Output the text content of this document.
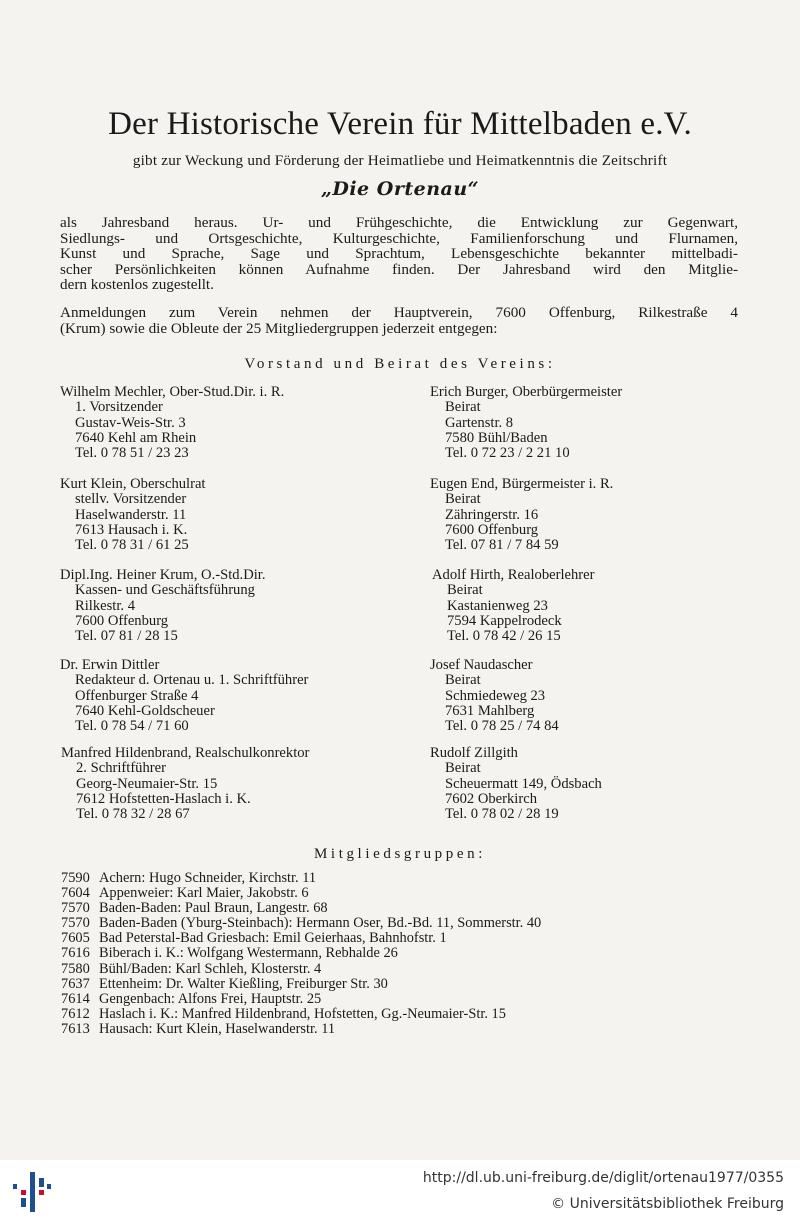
Der Historische Verein für Mittelbaden e.V.
gibt zur Weckung und Förderung der Heimatliebe und Heimatkenntnis die Zeitschrift
„Die Ortenau“
als Jahresband heraus. Ur- und Frühgeschichte, die Entwicklung zur Gegenwart,
Siedlungs- und Ortsgeschichte, Kulturgeschichte, Familienforschung und Flurnamen,
Kunst und Sprache, Sage und Sprachtum, Lebensgeschichte bekannter mittelbadi-
scher Persönlichkeiten können Aufnahme finden. Der Jahresband wird den Mitglie-
dern kostenlos zugestellt.
Anmeldungen zum Verein nehmen der Hauptverein, 7600 Offenburg, Rilkestraße 4
(Krum) sowie die Obleute der 25 Mitgliedergruppen jederzeit entgegen:
Vorstand und Beirat des Vereins:
Wilhelm Mechler, Ober-Stud.Dir. i. R.
1. Vorsitzender
Gustav-Weis-Str. 3
7640 Kehl am Rhein
Tel. 0 78 51 / 23 23
Kurt Klein, Oberschulrat
stellv. Vorsitzender
Haselwanderstr. 11
7613 Hausach i. K.
Tel. 0 78 31 / 61 25
Dipl.Ing. Heiner Krum, O.-Std.Dir.
Kassen- und Geschäftsführung
Rilkestr. 4
7600 Offenburg
Tel. 07 81 / 28 15
Dr. Erwin Dittler
Redakteur d. Ortenau u. 1. Schriftführer
Offenburger Straße 4
7640 Kehl-Goldscheuer
Tel. 0 78 54 / 71 60
Manfred Hildenbrand, Realschulkonrektor
2. Schriftführer
Georg-Neumaier-Str. 15
7612 Hofstetten-Haslach i. K.
Tel. 0 78 32 / 28 67
Erich Burger, Oberbürgermeister
Beirat
Gartenstr. 8
7580 Bühl/Baden
Tel. 0 72 23 / 2 21 10
Eugen End, Bürgermeister i. R.
Beirat
Zähringerstr. 16
7600 Offenburg
Tel. 07 81 / 7 84 59
Adolf Hirth, Realoberlehrer
Beirat
Kastanienweg 23
7594 Kappelrodeck
Tel. 0 78 42 / 26 15
Josef Naudascher
Beirat
Schmiedeweg 23
7631 Mahlberg
Tel. 0 78 25 / 74 84
Rudolf Zillgith
Beirat
Scheuermatt 149, Ödsbach
7602 Oberkirch
Tel. 0 78 02 / 28 19
Mitgliedsgruppen:
7590 Achern: Hugo Schneider, Kirchstr. 11
7604 Appenweier: Karl Maier, Jakobstr. 6
7570 Baden-Baden: Paul Braun, Langestr. 68
7570 Baden-Baden (Yburg-Steinbach): Hermann Oser, Bd.-Bd. 11, Sommerstr. 40
7605 Bad Peterstal-Bad Griesbach: Emil Geierhaas, Bahnhofstr. 1
7616 Biberach i. K.: Wolfgang Westermann, Rebhalde 26
7580 Bühl/Baden: Karl Schleh, Klosterstr. 4
7637 Ettenheim: Dr. Walter Kießling, Freiburger Str. 30
7614 Gengenbach: Alfons Frei, Hauptstr. 25
7612 Haslach i. K.: Manfred Hildenbrand, Hofstetten, Gg.-Neumaier-Str. 15
7613 Hausach: Kurt Klein, Haselwanderstr. 11
http://dl.ub.uni-freiburg.de/diglit/ortenau1977/0355
© Universitätsbibliothek Freiburg
